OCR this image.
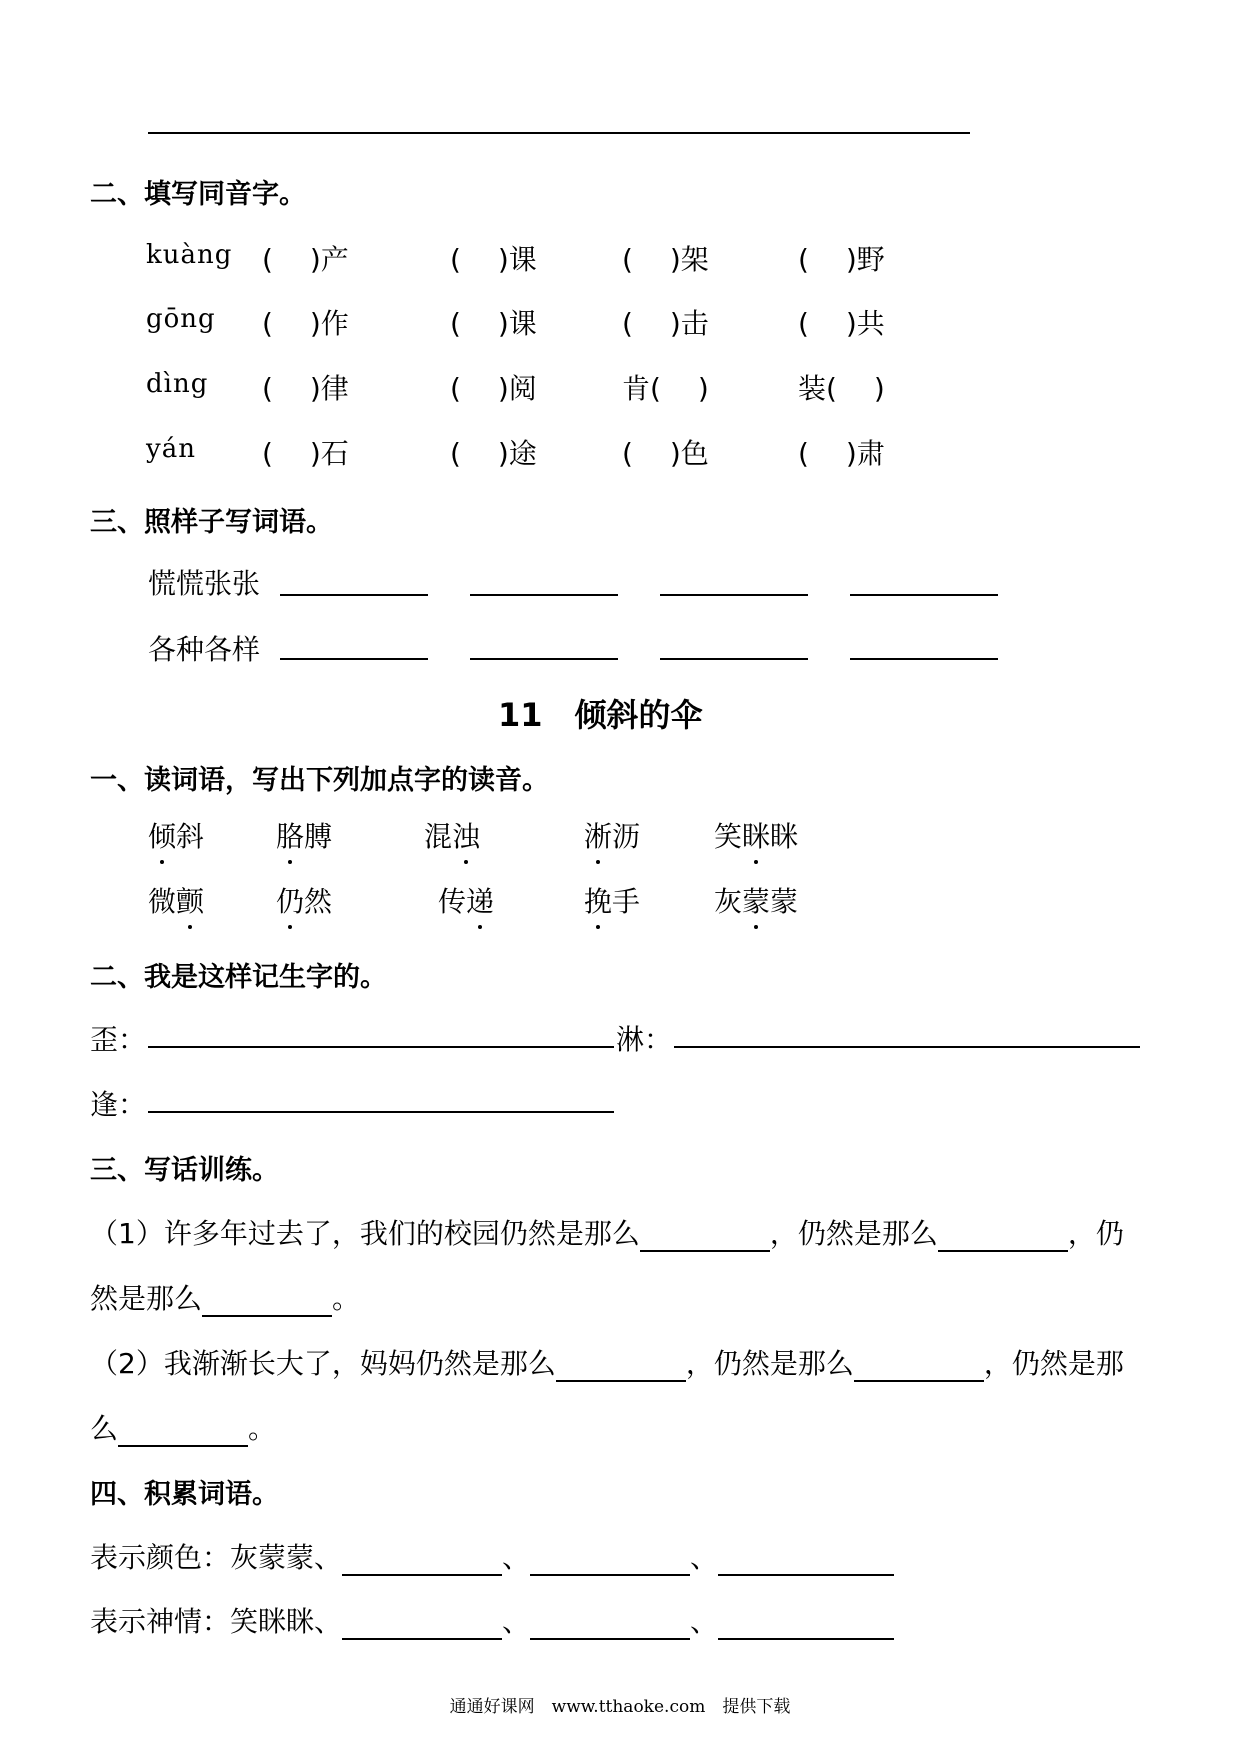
二、填写同音字。
kuàng (　 )产	(　 )课	(　 )架	(　 )野
gōng (　 )作	(　 )课	(　 )击	(　 )共
dìng (　 )律	(　 )阅	肯(　 )	装(　 )
yán (　 )石	(　 )途	(　 )色	(　 )肃
三、照样子写词语。
慌慌张张
各种各样
11　倾斜的伞
一、读词语，写出下列加点字的读音。
倾斜	胳膊	混浊	淅沥	笑眯眯
微颤	仍然	传递	挽手	灰蒙蒙
二、我是这样记生字的。
歪：	淋：
逢：
三、写话训练。
（1）许多年过去了，我们的校园仍然是那么	，仍然是那么	，仍
然是那么	。
（2）我渐渐长大了，妈妈仍然是那么	，仍然是那么	，仍然是那
么	。
四、积累词语。
表示颜色：灰蒙蒙、	、	、
表示神情：笑眯眯、	、	、
通通好课网　www.tthaoke.com　提供下载
